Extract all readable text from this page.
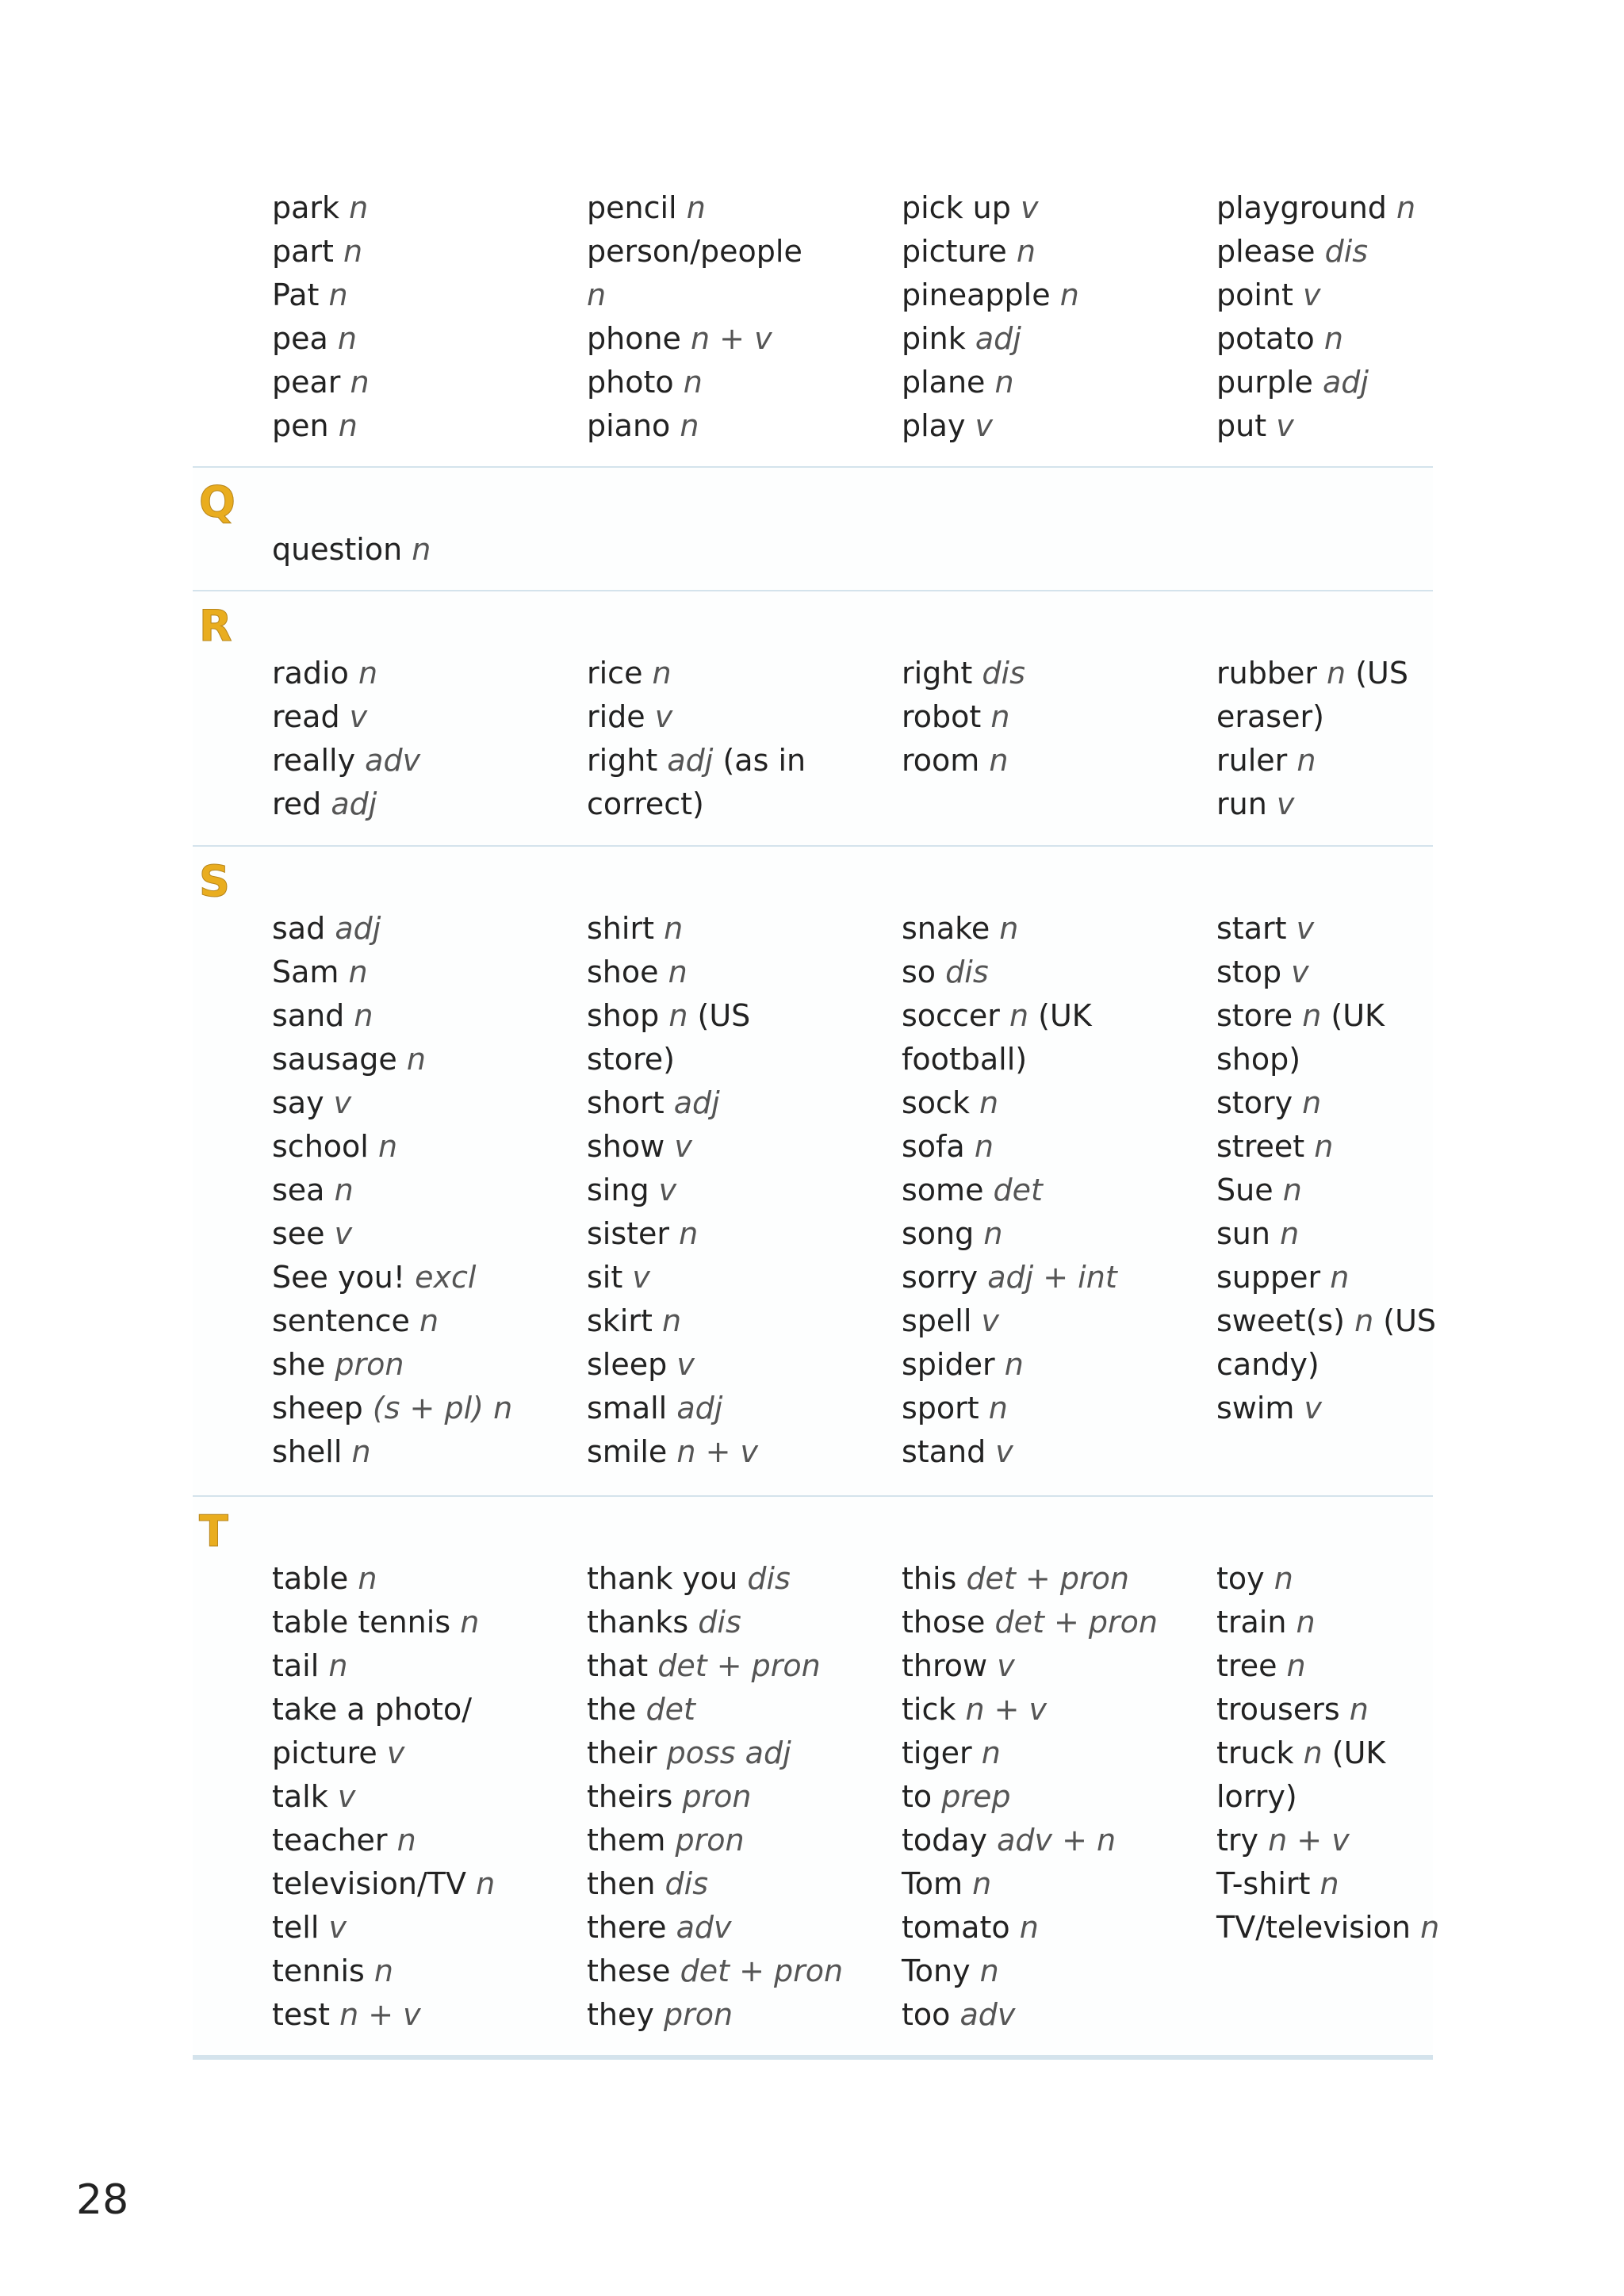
park n
part n
Pat n
pea n
pear n
pen n
pencil n
person/people
n
phone n + v
photo n
piano n
pick up v
picture n
pineapple n
pink adj
plane n
play v
playground n
please dis
point v
potato n
purple adj
put v
Q
question n
R
radio n
read v
really adv
red adj
rice n
ride v
right adj (as in
correct)
right dis
robot n
room n
rubber n (US
eraser)
ruler n
run v
S
sad adj
Sam n
sand n
sausage n
say v
school n
sea n
see v
See you! excl
sentence n
she pron
sheep (s + pl) n
shell n
shirt n
shoe n
shop n (US
store)
short adj
show v
sing v
sister n
sit v
skirt n
sleep v
small adj
smile n + v
snake n
so dis
soccer n (UK
football)
sock n
sofa n
some det
song n
sorry adj + int
spell v
spider n
sport n
stand v
start v
stop v
store n (UK
shop)
story n
street n
Sue n
sun n
supper n
sweet(s) n (US
candy)
swim v
T
table n
table tennis n
tail n
take a photo/
picture v
talk v
teacher n
television/TV n
tell v
tennis n
test n + v
thank you dis
thanks dis
that det + pron
the det
their poss adj
theirs pron
them pron
then dis
there adv
these det + pron
they pron
this det + pron
those det + pron
throw v
tick n + v
tiger n
to prep
today adv + n
Tom n
tomato n
Tony n
too adv
toy n
train n
tree n
trousers n
truck n (UK
lorry)
try n + v
T-shirt n
TV/television n
28
